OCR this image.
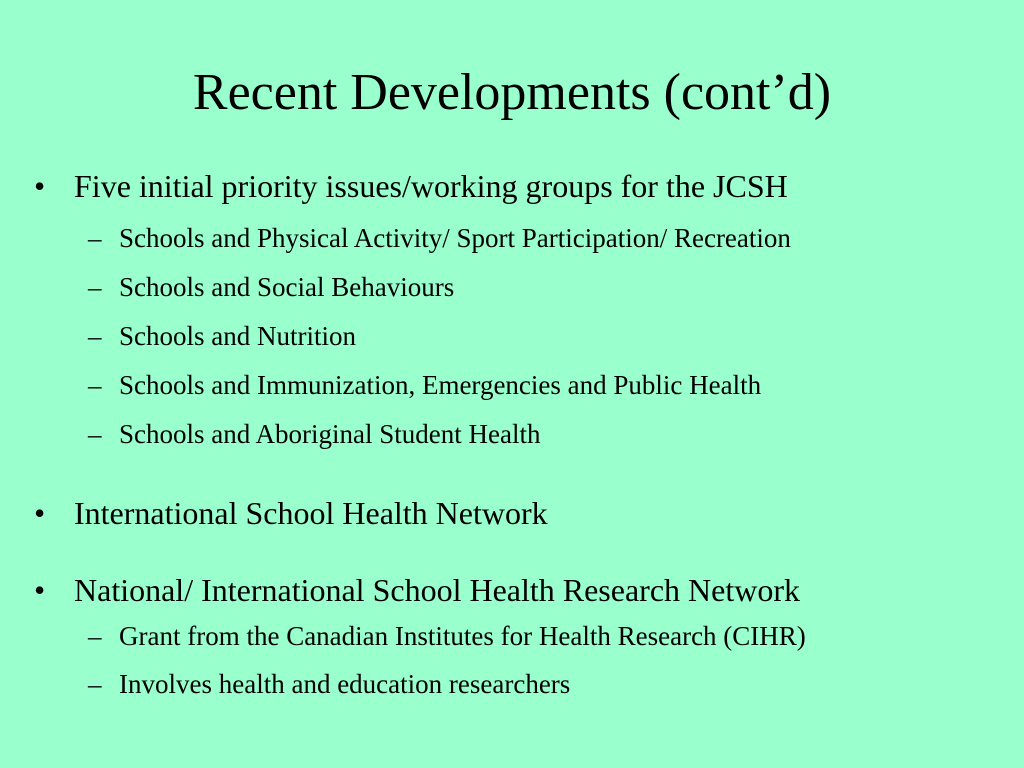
Recent Developments (cont’d)
• Five initial priority issues/working groups for the JCSH
– Schools and Physical Activity/ Sport Participation/ Recreation
– Schools and Social Behaviours
– Schools and Nutrition
– Schools and Immunization, Emergencies and Public Health
– Schools and Aboriginal Student Health
• International School Health Network
• National/ International School Health Research Network
– Grant from the Canadian Institutes for Health Research (CIHR)
– Involves health and education researchers
